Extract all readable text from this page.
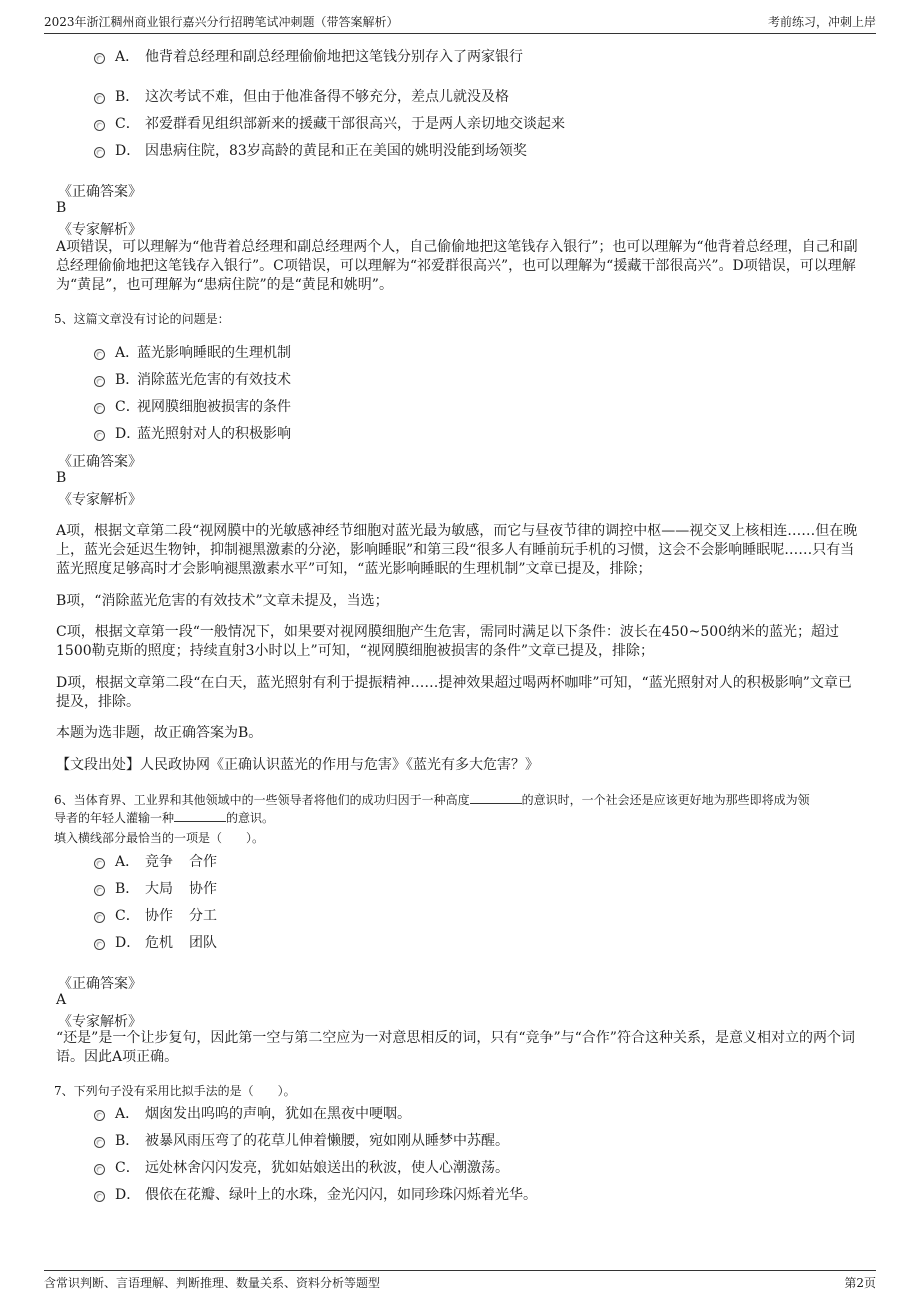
2023年浙江稠州商业银行嘉兴分行招聘笔试冲刺题（带答案解析）	考前练习，冲刺上岸
A． 他背着总经理和副总经理偷偷地把这笔钱分别存入了两家银行
B． 这次考试不难，但由于他准备得不够充分，差点儿就没及格
C． 祁爱群看见组织部新来的援藏干部很高兴，于是两人亲切地交谈起来
D． 因患病住院，83岁高龄的黄昆和正在美国的姚明没能到场领奖
《正确答案》
B
《专家解析》
A项错误，可以理解为“他背着总经理和副总经理两个人，自己偷偷地把这笔钱存入银行”；也可以理解为“他背着总经理，自己和副总经理偷偷地把这笔钱存入银行”。C项错误，可以理解为“祁爱群很高兴”，也可以理解为“援藏干部很高兴”。D项错误，可以理解为“黄昆”，也可理解为“患病住院”的是“黄昆和姚明”。
5、这篇文章没有讨论的问题是：
A．
蓝光影响睡眠的生理机制
B．
消除蓝光危害的有效技术
C．
视网膜细胞被损害的条件
D．
蓝光照射对人的积极影响
《正确答案》
B
《专家解析》
A项，根据文章第二段“视网膜中的光敏感神经节细胞对蓝光最为敏感，而它与昼夜节律的调控中枢——视交叉上核相连……但在晚上，蓝光会延迟生物钟，抑制褪黑激素的分泌，影响睡眠”和第三段“很多人有睡前玩手机的习惯，这会不会影响睡眠呢……只有当蓝光照度足够高时才会影响褪黑激素水平”可知，“蓝光影响睡眠的生理机制”文章已提及，排除；
B项，“消除蓝光危害的有效技术”文章未提及，当选；
C项，根据文章第一段“一般情况下，如果要对视网膜细胞产生危害，需同时满足以下条件：波长在450~500纳米的蓝光；超过1500勒克斯的照度；持续直射3小时以上”可知，“视网膜细胞被损害的条件”文章已提及，排除；
D项，根据文章第二段“在白天，蓝光照射有利于提振精神……提神效果超过喝两杯咖啡”可知，“蓝光照射对人的积极影响”文章已提及，排除。
本题为选非题，故正确答案为B。
【文段出处】人民政协网《正确认识蓝光的作用与危害》《蓝光有多大危害？》
6、当体育界、工业界和其他领域中的一些领导者将他们的成功归因于一种高度	的意识时，一个社会还是应该更好地为那些即将成为领
导者的年轻人灌输一种	的意识。
填入横线部分最恰当的一项是（　　）。
A． 竞争	合作
B． 大局	协作
C． 协作	分工
D． 危机	团队
《正确答案》
A
《专家解析》
“还是”是一个让步复句，因此第一空与第二空应为一对意思相反的词，只有“竞争”与“合作”符合这种关系，是意义相对立的两个词语。因此A项正确。
7、下列句子没有采用比拟手法的是（　　）。
A． 烟囱发出呜呜的声响，犹如在黑夜中哽咽。
B． 被暴风雨压弯了的花草儿伸着懒腰，宛如刚从睡梦中苏醒。
C． 远处林舍闪闪发亮，犹如姑娘送出的秋波，使人心潮激荡。
D． 偎依在花瓣、绿叶上的水珠，金光闪闪，如同珍珠闪烁着光华。
含常识判断、言语理解、判断推理、数量关系、资料分析等题型	第2页
